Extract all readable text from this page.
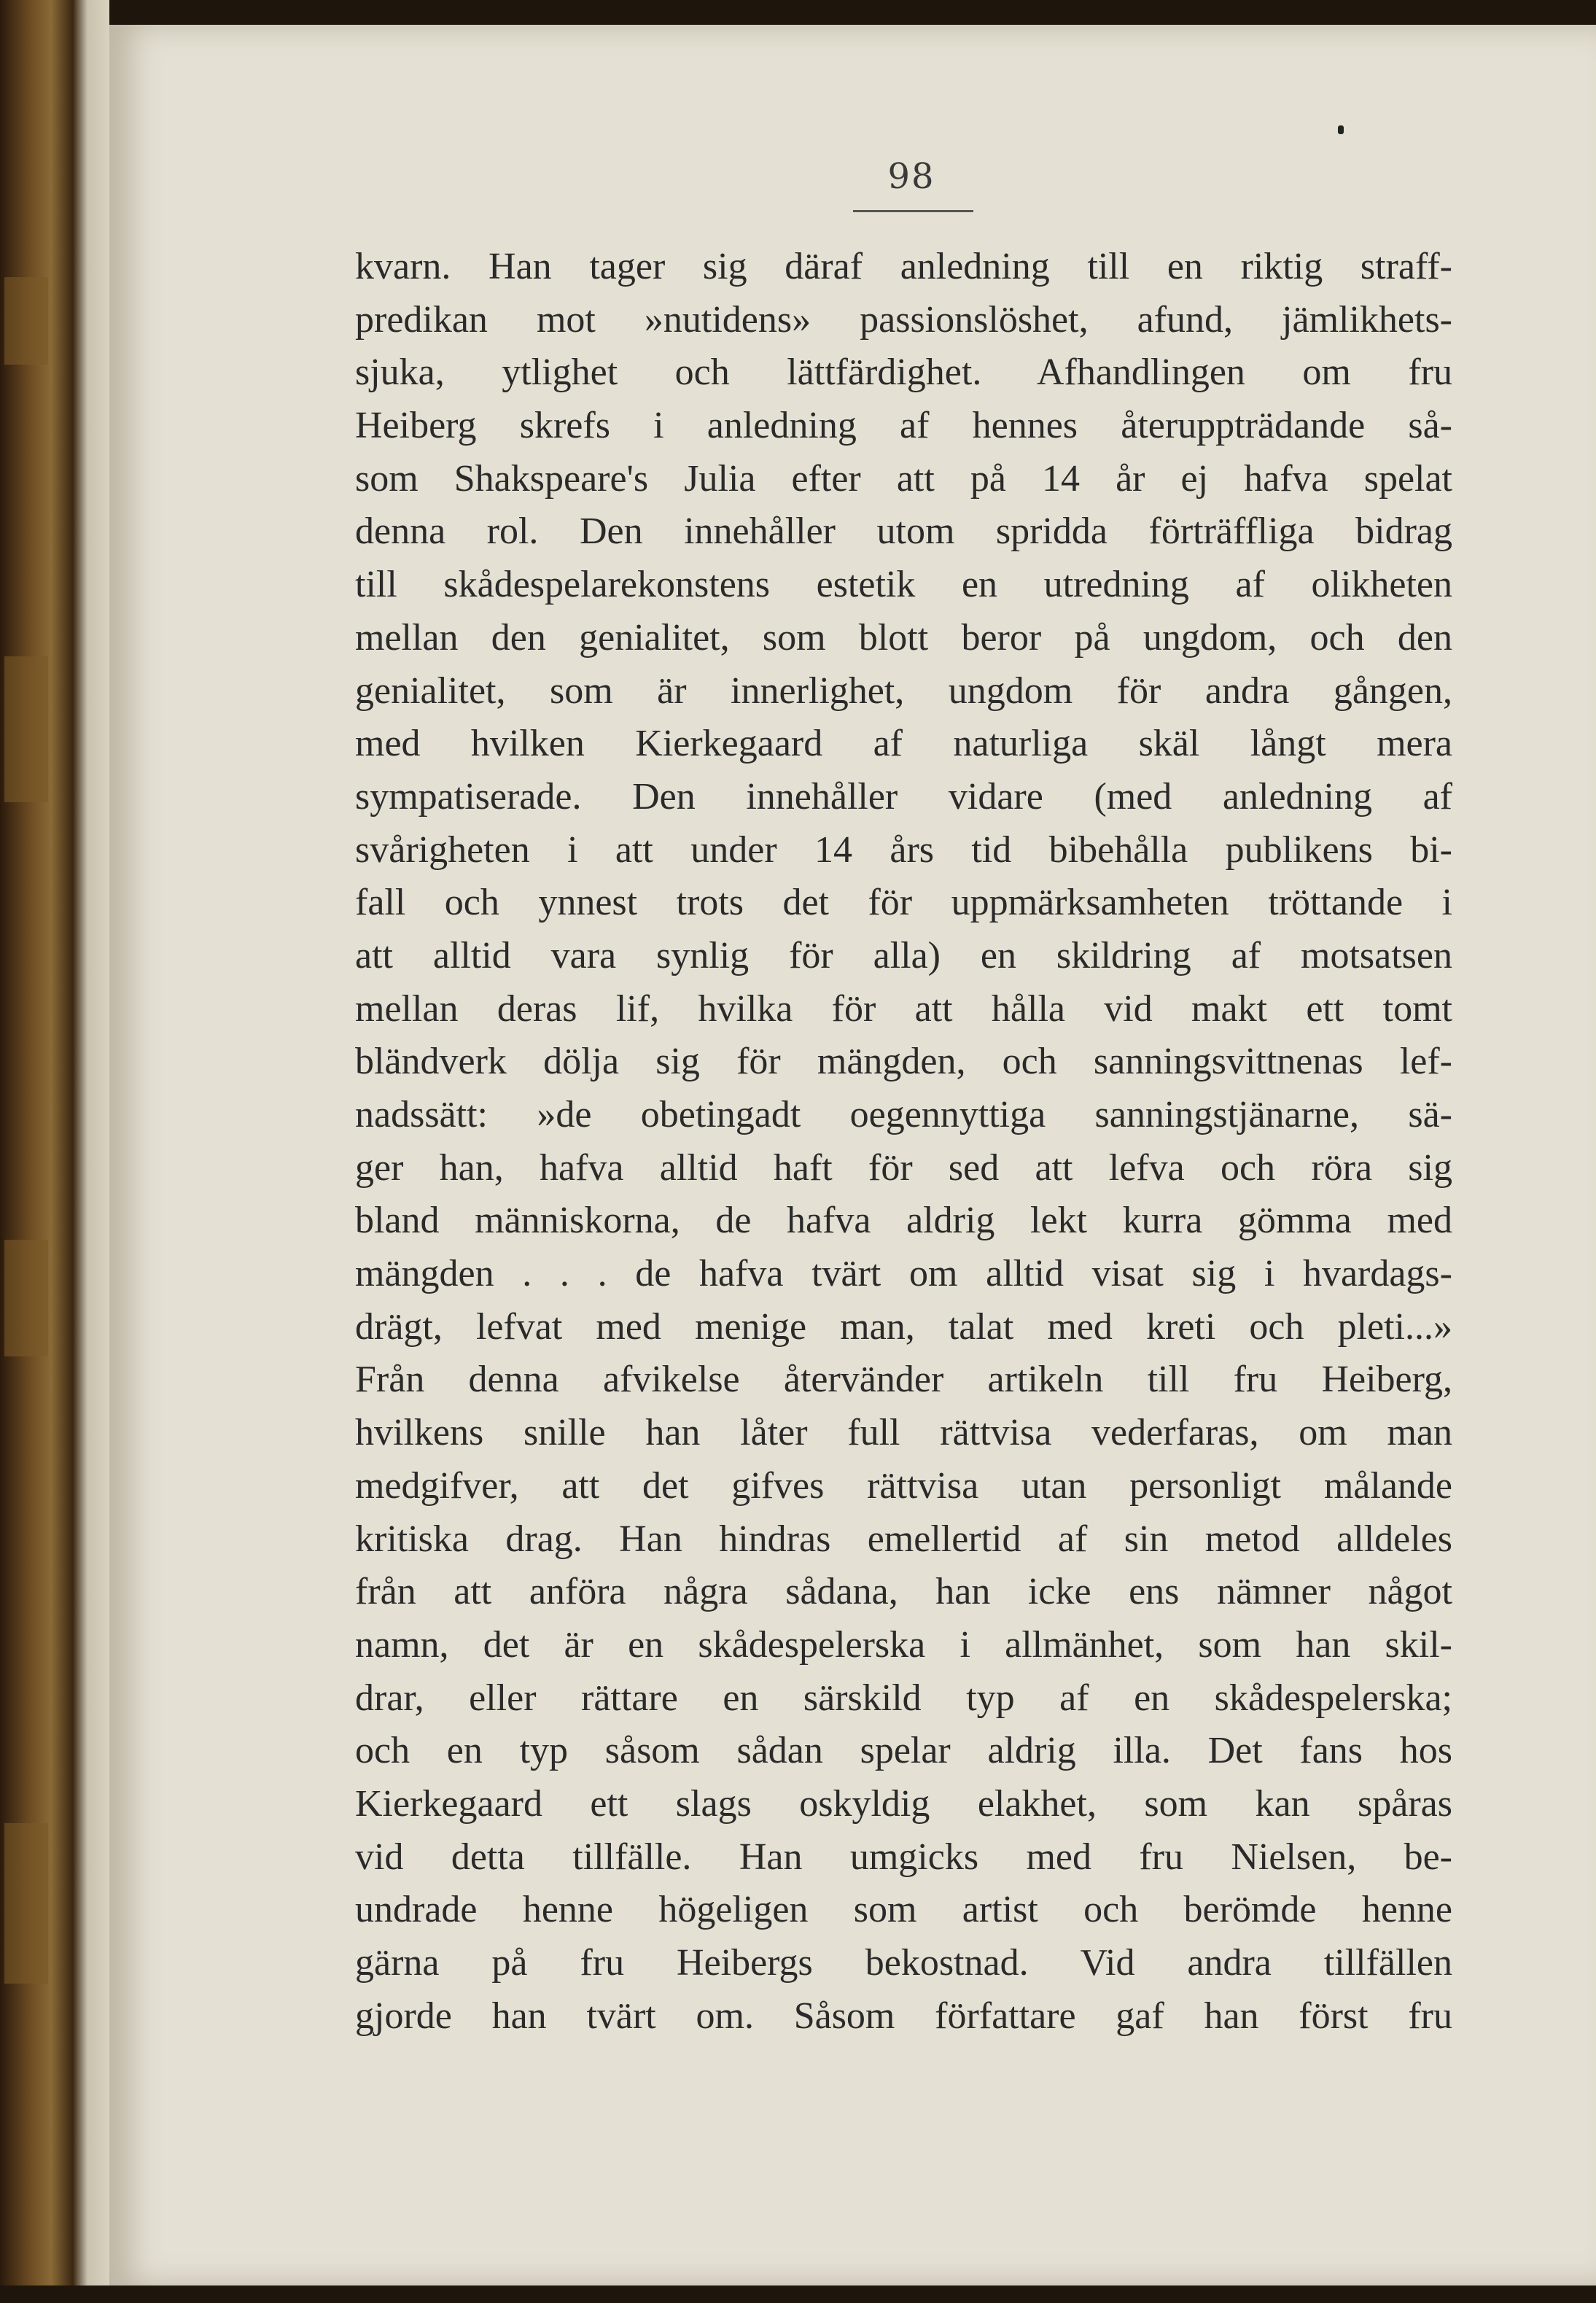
98
kvarn. Han tager sig däraf anledning till en riktig straff-
predikan mot »nutidens» passionslöshet, afund, jämlikhets-
sjuka, ytlighet och lättfärdighet. Afhandlingen om fru
Heiberg skrefs i anledning af hennes återuppträdande så-
som Shakspeare's Julia efter att på 14 år ej hafva spelat
denna rol. Den innehåller utom spridda förträffliga bidrag
till skådespelarekonstens estetik en utredning af olikheten
mellan den genialitet, som blott beror på ungdom, och den
genialitet, som är innerlighet, ungdom för andra gången,
med hvilken Kierkegaard af naturliga skäl långt mera
sympatiserade. Den innehåller vidare (med anledning af
svårigheten i att under 14 års tid bibehålla publikens bi-
fall och ynnest trots det för uppmärksamheten tröttande i
att alltid vara synlig för alla) en skildring af motsatsen
mellan deras lif, hvilka för att hålla vid makt ett tomt
bländverk dölja sig för mängden, och sanningsvittnenas lef-
nadssätt: »de obetingadt oegennyttiga sanningstjänarne, sä-
ger han, hafva alltid haft för sed att lefva och röra sig
bland människorna, de hafva aldrig lekt kurra gömma med
mängden . . . de hafva tvärt om alltid visat sig i hvardags-
drägt, lefvat med menige man, talat med kreti och pleti...»
Från denna afvikelse återvänder artikeln till fru Heiberg,
hvilkens snille han låter full rättvisa vederfaras, om man
medgifver, att det gifves rättvisa utan personligt målande
kritiska drag. Han hindras emellertid af sin metod alldeles
från att anföra några sådana, han icke ens nämner något
namn, det är en skådespelerska i allmänhet, som han skil-
drar, eller rättare en särskild typ af en skådespelerska;
och en typ såsom sådan spelar aldrig illa. Det fans hos
Kierkegaard ett slags oskyldig elakhet, som kan spåras
vid detta tillfälle. Han umgicks med fru Nielsen, be-
undrade henne högeligen som artist och berömde henne
gärna på fru Heibergs bekostnad. Vid andra tillfällen
gjorde han tvärt om. Såsom författare gaf han först fru
